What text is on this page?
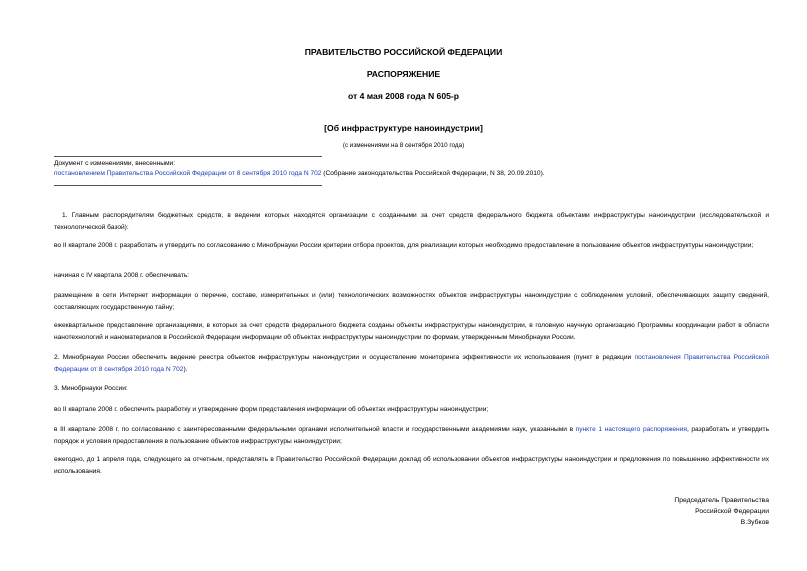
ПРАВИТЕЛЬСТВО РОССИЙСКОЙ ФЕДЕРАЦИИ
РАСПОРЯЖЕНИЕ
от 4 мая 2008 года N 605-р
[Об инфраструктуре наноиндустрии]
(с изменениями на 8 сентября 2010 года)
Документ с изменениями, внесенными:
постановлением Правительства Российской Федерации от 8 сентября 2010 года N 702 (Собрание законодательства Российской Федерации, N 38, 20.09.2010).
1. Главным распорядителям бюджетных средств, в ведении которых находятся организации с созданными за счет средств федерального бюджета объектами инфраструктуры наноиндустрии (исследовательской и технологической базой):
во II квартале 2008 г. разработать и утвердить по согласованию с Минобрнауки России критерии отбора проектов, для реализации которых необходимо предоставление в пользование объектов инфраструктуры наноиндустрии;
начиная с IV квартала 2008 г. обеспечивать:
размещение в сети Интернет информации о перечне, составе, измерительных и (или) технологических возможностях объектов инфраструктуры наноиндустрии с соблюдением условий, обеспечивающих защиту сведений, составляющих государственную тайну;
ежеквартальное представление организациями, в которых за счет средств федерального бюджета созданы объекты инфраструктуры наноиндустрии, в головную научную организацию Программы координации работ в области нанотехнологий и наноматериалов в Российской Федерации информации об объектах инфраструктуры наноиндустрии по формам, утвержденным Минобрнауки России.
2. Минобрнауки России обеспечить ведение реестра объектов инфраструктуры наноиндустрии и осуществление мониторинга эффективности их использования (пункт в редакции постановления Правительства Российской Федерации от 8 сентября 2010 года N 702).
3. Минобрнауки России:
во II квартале 2008 г. обеспечить разработку и утверждение форм представления информации об объектах инфраструктуры наноиндустрии;
в III квартале 2008 г. по согласованию с заинтересованными федеральными органами исполнительной власти и государственными академиями наук, указанными в пункте 1 настоящего распоряжения, разработать и утвердить порядок и условия предоставления в пользование объектов инфраструктуры наноиндустрии;
ежегодно, до 1 апреля года, следующего за отчетным, представлять в Правительство Российской Федерации доклад об использовании объектов инфраструктуры наноиндустрии и предложения по повышению эффективности их использования.
Председатель Правительства
Российской Федерации
В.Зубков
